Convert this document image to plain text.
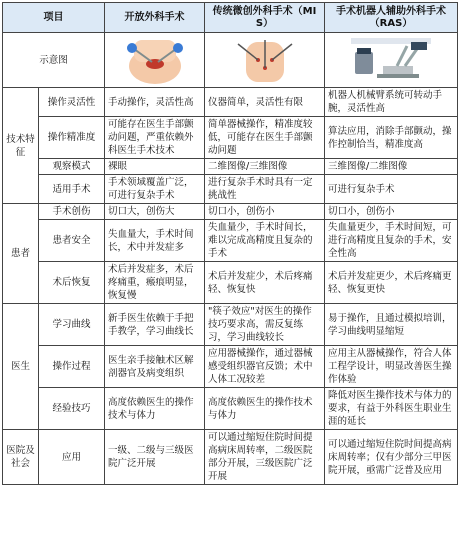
项目		开放外科手术	传统微创外科手术（MIS）	手术机器人辅助外科手术（RAS）
示意图	

技术特征	操作灵活性	手动操作，灵活性高	仪器简单，灵活性有限	机器人机械臂系统可转动手腕，灵活性高
	操作精准度	可能存在医生手部颤动问题，严重依赖外科医生手术技术	简单器械操作，精准度较低，可能存在医生手部颤动问题	算法应用，消除手部颤动，操作控制恰当，精准度高
	观察模式	裸眼	二维图像/三维图像	三维图像/二维图像
	适用手术	手术领域覆盖广泛，可进行复杂手术	进行复杂手术时具有一定挑战性	可进行复杂手术
患者	手术创伤	切口大，创伤大	切口小，创伤小	切口小，创伤小
	患者安全	失血量大，手术时间长，术中并发症多	失血量少，手术时间长，难以完成高精度且复杂的手术	失血量更少，手术时间短，可进行高精度且复杂的手术，安全性高
	术后恢复	术后并发症多，术后疼痛重，瘢痕明显，恢复慢	术后并发症少，术后疼痛轻、恢复快	术后并发症更少，术后疼痛更轻、恢复更快
医生	学习曲线	新手医生依赖于手把手教学，学习曲线长	"筷子效应"对医生的操作技巧要求高，需反复练习，学习曲线较长	易于操作，且通过模拟培训，学习曲线明显缩短
	操作过程	医生亲手接触术区解剖器官及病变组织	应用器械操作，通过器械感受组织器官反馈；术中人体工况较差	应用主从器械操作，符合人体工程学设计，明显改善医生操作体验
	经验技巧	高度依赖医生的操作技术与体力	高度依赖医生的操作技术与体力	降低对医生操作技术与体力的要求，有益于外科医生职业生涯的延长
医院及社会	应用	一级、二级与三级医院广泛开展	可以通过缩短住院时间提高病床周转率，二级医院部分开展，三级医院广泛开展	可以通过缩短住院时间提高病床周转率；仅有少部分三甲医院开展，亟需广泛普及应用
